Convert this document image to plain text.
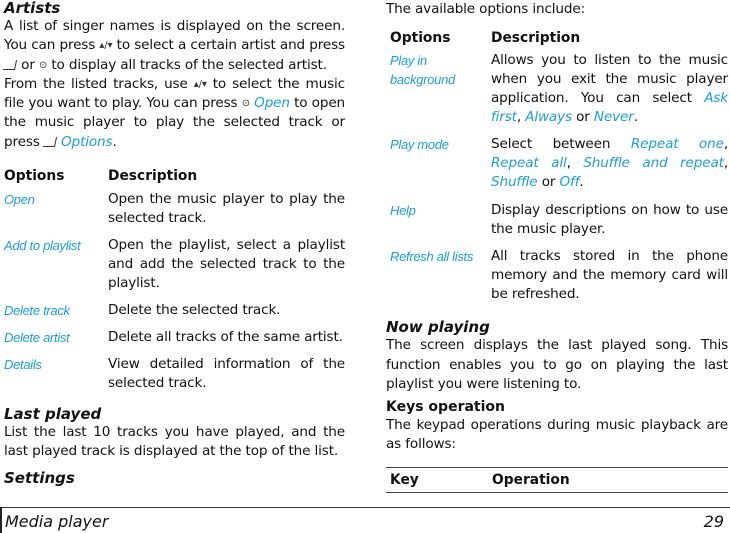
Artists

A list of singer names is displayed on the screen. You can press ▴/▾ to select a certain artist and press  or ⊙ to display all tracks of the selected artist.

From the listed tracks, use ▴/▾ to select the music file you want to play. You can press ⊙ Open to open the music player to play the selected track or press  Options.

Options	Description
Open	Open the music player to play the selected track.
Add to playlist	Open the playlist, select a playlist and add the selected track to the playlist.
Delete track	Delete the selected track.
Delete artist	Delete all tracks of the same artist.
Details	View detailed information of the selected track.
Last played

List the last 10 tracks you have played, and the last played track is displayed at the top of the list.

Settings

The available options include:

Options	Description
Play in background	Allows you to listen to the music when you exit the music player application. You can select Ask first, Always or Never.
Play mode	Select between Repeat one, Repeat all, Shuffle and repeat, Shuffle or Off.
Help	Display descriptions on how to use the music player.
Refresh all lists	All tracks stored in the phone memory and the memory card will be refreshed.
Now playing

The screen displays the last played song. This function enables you to go on playing the last playlist you were listening to.

Keys operation

The keypad operations during music playback are as follows:

Key	Operation
Media player	29
